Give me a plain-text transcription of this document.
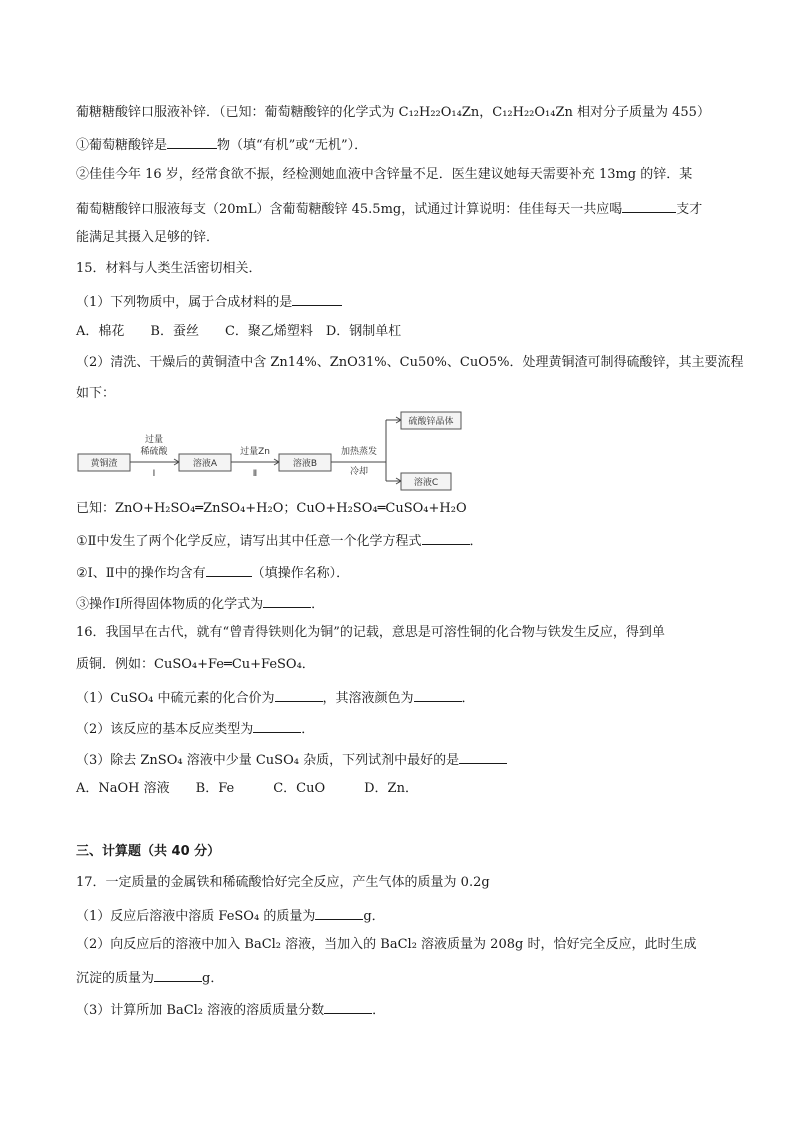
葡糖糖酸锌口服液补锌．（已知：葡萄糖酸锌的化学式为 C₁₂H₂₂O₁₄Zn，C₁₂H₂₂O₁₄Zn 相对分子质量为 455）
①葡萄糖酸锌是	物（填“有机”或“无机”）．
②佳佳今年 16 岁，经常食欲不振，经检测她血液中含锌量不足．医生建议她每天需要补充 13mg 的锌．某
葡萄糖酸锌口服液每支（20mL）含葡萄糖酸锌 45.5mg，试通过计算说明：佳佳每天一共应喝	支才
能满足其摄入足够的锌．
15．材料与人类生活密切相关．
（1）下列物质中，属于合成材料的是
A．棉花　　B．蚕丝　　C．聚乙烯塑料　D．钢制单杠
（2）清洗、干燥后的黄铜渣中含 Zn14%、ZnO31%、Cu50%、CuO5%．处理黄铜渣可制得硫酸锌，其主要流程
如下：
黄铜渣
过量
稀硫酸
Ⅰ
溶液A
过量Zn
Ⅱ
溶液B
加热蒸发
冷却
硫酸锌晶体
溶液C
已知：ZnO+H₂SO₄═ZnSO₄+H₂O；CuO+H₂SO₄═CuSO₄+H₂O
①Ⅱ中发生了两个化学反应，请写出其中任意一个化学方程式	．
②Ⅰ、Ⅱ中的操作均含有	（填操作名称）．
③操作Ⅰ所得固体物质的化学式为	．
16．我国早在古代，就有“曾青得铁则化为铜”的记载，意思是可溶性铜的化合物与铁发生反应，得到单
质铜．例如：CuSO₄+Fe═Cu+FeSO₄．
（1）CuSO₄ 中硫元素的化合价为	，其溶液颜色为	．
（2）该反应的基本反应类型为	．
（3）除去 ZnSO₄ 溶液中少量 CuSO₄ 杂质，下列试剂中最好的是
A．NaOH 溶液　　B．Fe　　　C．CuO　　　D．Zn．
三、计算题（共 40 分）
17．一定质量的金属铁和稀硫酸恰好完全反应，产生气体的质量为 0.2g
（1）反应后溶液中溶质 FeSO₄ 的质量为	g．
（2）向反应后的溶液中加入 BaCl₂ 溶液，当加入的 BaCl₂ 溶液质量为 208g 时，恰好完全反应，此时生成
沉淀的质量为	g．
（3）计算所加 BaCl₂ 溶液的溶质质量分数	．
